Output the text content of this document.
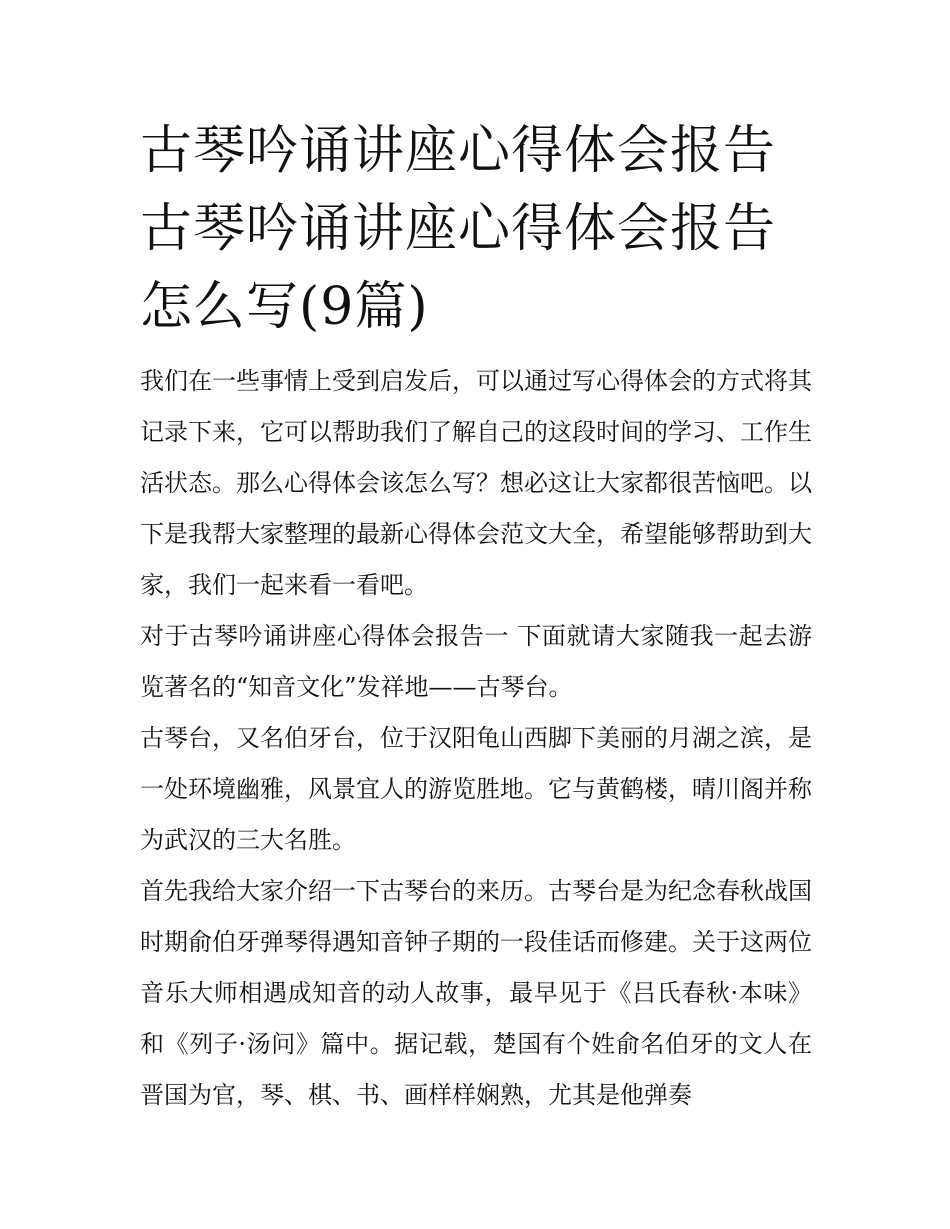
古琴吟诵讲座心得体会报告 古琴吟诵讲座心得体会报告怎么写(9篇)

我们在一些事情上受到启发后，可以通过写心得体会的方式将其记录下来，它可以帮助我们了解自己的这段时间的学习、工作生活状态。那么心得体会该怎么写？想必这让大家都很苦恼吧。以下是我帮大家整理的最新心得体会范文大全，希望能够帮助到大家，我们一起来看一看吧。

对于古琴吟诵讲座心得体会报告一 下面就请大家随我一起去游览著名的“知音文化”发祥地——古琴台。

古琴台，又名伯牙台，位于汉阳龟山西脚下美丽的月湖之滨，是一处环境幽雅，风景宜人的游览胜地。它与黄鹤楼，晴川阁并称为武汉的三大名胜。

首先我给大家介绍一下古琴台的来历。古琴台是为纪念春秋战国时期俞伯牙弹琴得遇知音钟子期的一段佳话而修建。关于这两位音乐大师相遇成知音的动人故事，最早见于《吕氏春秋·本味》和《列子·汤问》篇中。据记载，楚国有个姓俞名伯牙的文人在晋国为官，琴、棋、书、画样样娴熟，尤其是他弹奏
